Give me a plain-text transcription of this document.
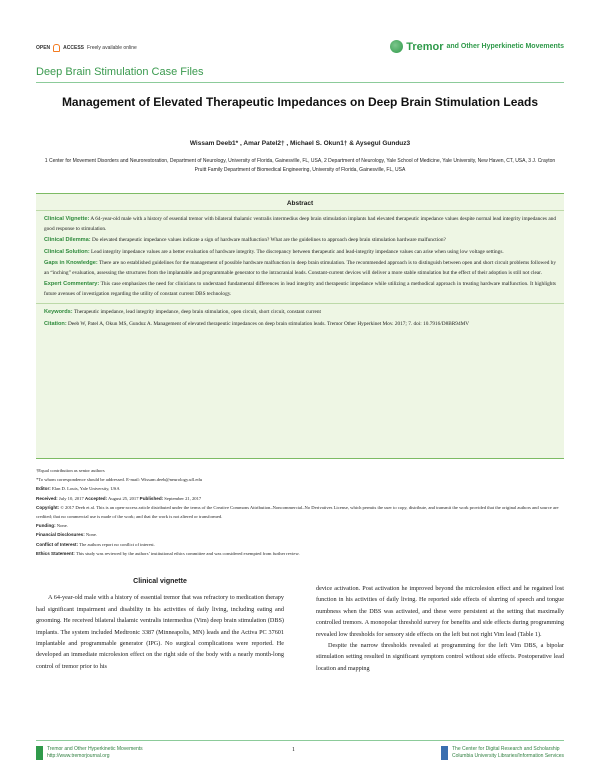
OPEN	ACCESS Freely available online	Tremor and Other Hyperkinetic Movements
Deep Brain Stimulation Case Files
Management of Elevated Therapeutic Impedances on Deep Brain Stimulation Leads
Wissam Deeb1* , Amar Patel2† , Michael S. Okun1† & Aysegul Gunduz3
1 Center for Movement Disorders and Neurorestoration, Department of Neurology, University of Florida, Gainesville, FL, USA, 2 Department of Neurology, Yale School of Medicine, Yale University, New Haven, CT, USA, 3 J. Crayton Pruitt Family Department of Biomedical Engineering, University of Florida, Gainesville, FL, USA
Abstract
Clinical Vignette: A 64-year-old male with a history of essential tremor with bilateral thalamic ventralis intermedius deep brain stimulation implants had elevated therapeutic impedance values despite normal lead integrity impedances and good response to stimulation.
Clinical Dilemma: Do elevated therapeutic impedance values indicate a sign of hardware malfunction? What are the guidelines to approach deep brain stimulation hardware malfunction?
Clinical Solution: Lead integrity impedance values are a better evaluation of hardware integrity. The discrepancy between therapeutic and lead-integrity impedance values can arise when using low voltage settings.
Gaps in Knowledge: There are no established guidelines for the management of possible hardware malfunction in deep brain stimulation. The recommended approach is to distinguish between open and short circuit problems followed by an “inching” evaluation, assessing the structures from the implantable and programmable generator to the intracranial leads. Constant-current devices will deliver a more stable stimulation but the effect of their adoption is still not clear.
Expert Commentary: This case emphasizes the need for clinicians to understand fundamental differences in lead integrity and therapeutic impedance while utilizing a methodical approach in treating hardware malfunction. It highlights future avenues of investigation regarding the utility of constant current DBS technology.
Keywords: Therapeutic impedance, lead integrity impedance, deep brain stimulation, open circuit, short circuit, constant current
Citation: Deeb W, Patel A, Okun MS, Gunduz A. Management of elevated therapeutic impedances on deep brain stimulation leads. Tremor Other Hyperkinet Mov. 2017; 7. doi: 10.7916/D8BR94MV
†Equal contribution as senior authors
*To whom correspondence should be addressed. E-mail: Wissam.deeb@neurology.ufl.edu
Editor: Elan D. Louis, Yale University, USA
Received: July 10, 2017 Accepted: August 25, 2017 Published: September 21, 2017
Copyright: © 2017 Deeb et al. This is an open-access article distributed under the terms of the Creative Commons Attribution–Noncommercial–No Derivatives License, which permits the user to copy, distribute, and transmit the work provided that the original authors and source are credited; that no commercial use is made of the work; and that the work is not altered or transformed.
Funding: None.
Financial Disclosures: None.
Conflict of Interest: The authors report no conflict of interest.
Ethics Statement: This study was reviewed by the authors’ institutional ethics committee and was considered exempted from further review.
Clinical vignette

A 64-year-old male with a history of essential tremor that was refractory to medication therapy had significant impairment and disability in his activities of daily living, including eating and grooming. He received bilateral thalamic ventralis intermedius (Vim) deep brain stimulation (DBS) implants. The system included Medtronic 3387 (Minneapolis, MN) leads and the Activa PC 37601 implantable and programmable generator (IPG). No surgical complications were reported. He developed an immediate microlesion effect on the right side of the body with a nearly month-long control of tremor prior to his

device activation. Post activation he improved beyond the microlesion effect and he regained lost function in his activities of daily living. He reported side effects of slurring of speech and tongue numbness when the DBS was activated, and these were persistent at the setting that maximally controlled tremors. A monopolar threshold survey for benefits and side effects during programming revealed low thresholds for sensory side effects on the left but not right Vim lead (Table 1).

Despite the narrow thresholds revealed at programming for the left Vim DBS, a bipolar stimulation setting resulted in significant symptom control without side effects. Postoperative lead location and mapping

Tremor and Other Hyperkinetic Movements
http://www.tremorjournal.org
1	The Center for Digital Research and Scholarship
Columbia University Libraries/Information Services
